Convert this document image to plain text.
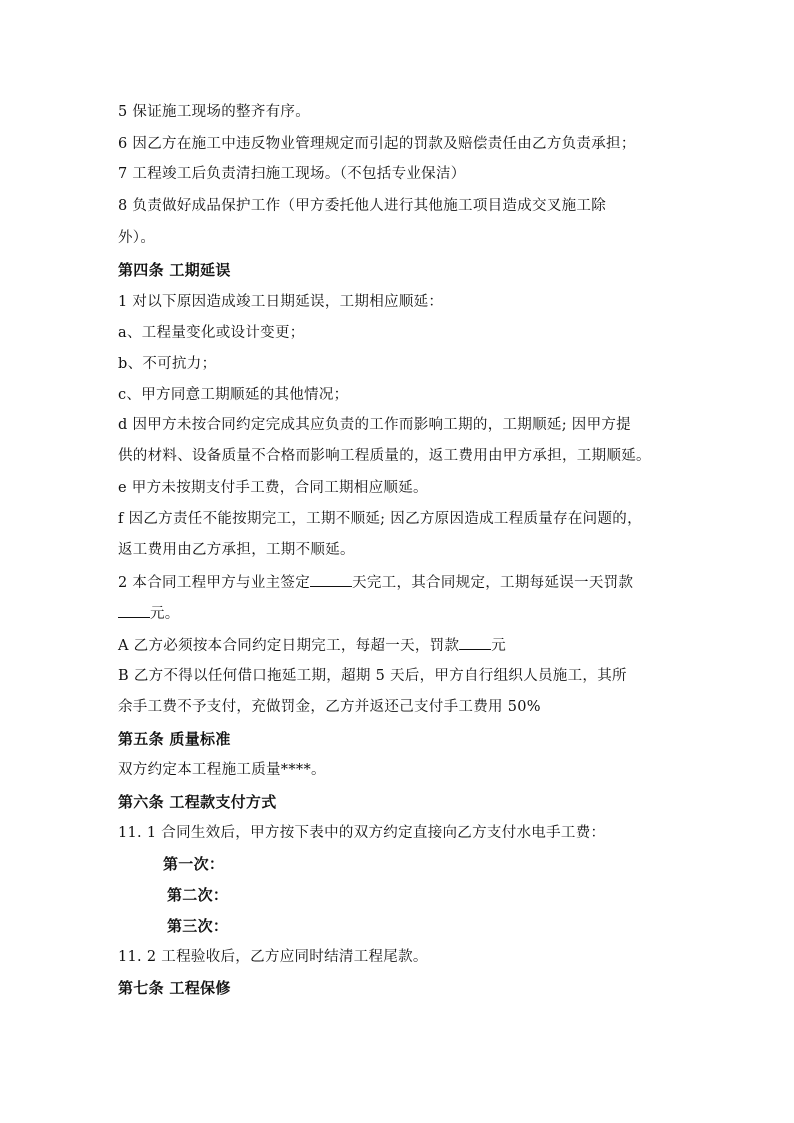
5 保证施工现场的整齐有序。
6 因乙方在施工中违反物业管理规定而引起的罚款及赔偿责任由乙方负责承担；
7 工程竣工后负责清扫施工现场。（不包括专业保洁）
8 负责做好成品保护工作（甲方委托他人进行其他施工项目造成交叉施工除
外）。
第四条 工期延误
1 对以下原因造成竣工日期延误，工期相应顺延：
a、工程量变化或设计变更；
b、不可抗力；
c、甲方同意工期顺延的其他情况；
d 因甲方未按合同约定完成其应负责的工作而影响工期的，工期顺延; 因甲方提
供的材料、设备质量不合格而影响工程质量的，返工费用由甲方承担，工期顺延。
e 甲方未按期支付手工费，合同工期相应顺延。
f 因乙方责任不能按期完工，工期不顺延; 因乙方原因造成工程质量存在问题的，
返工费用由乙方承担，工期不顺延。
2 本合同工程甲方与业主签定	天完工，其合同规定，工期每延误一天罚款
元。
A 乙方必须按本合同约定日期完工，每超一天，罚款 元
B 乙方不得以任何借口拖延工期，超期 5 天后，甲方自行组织人员施工，其所
余手工费不予支付，充做罚金，乙方并返还己支付手工费用 50%
第五条 质量标准
双方约定本工程施工质量****。
第六条 工程款支付方式
11. 1 合同生效后，甲方按下表中的双方约定直接向乙方支付水电手工费：
第一次：
第二次：
第三次：
11. 2 工程验收后，乙方应同时结清工程尾款。
第七条 工程保修
